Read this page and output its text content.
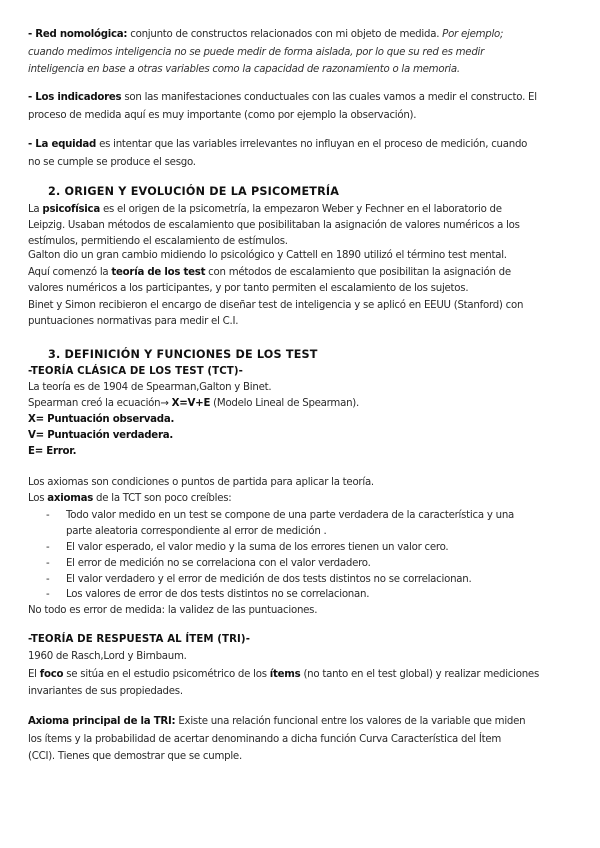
- Red nomológica: conjunto de constructos relacionados con mi objeto de medida. Por ejemplo;
cuando medimos inteligencia no se puede medir de forma aislada, por lo que su red es medir
inteligencia en base a otras variables como la capacidad de razonamiento o la memoria.
- Los indicadores son las manifestaciones conductuales con las cuales vamos a medir el constructo. El
proceso de medida aquí es muy importante (como por ejemplo la observación).
- La equidad es intentar que las variables irrelevantes no influyan en el proceso de medición, cuando
no se cumple se produce el sesgo.
2. ORIGEN Y EVOLUCIÓN DE LA PSICOMETRÍA
La psicofísica es el origen de la psicometría, la empezaron Weber y Fechner en el laboratorio de
Leipzig. Usaban métodos de escalamiento que posibilitaban la asignación de valores numéricos a los
estímulos, permitiendo el escalamiento de estímulos.
Galton dio un gran cambio midiendo lo psicológico y Cattell en 1890 utilizó el término test mental.
Aquí comenzó la teoría de los test con métodos de escalamiento que posibilitan la asignación de
valores numéricos a los participantes, y por tanto permiten el escalamiento de los sujetos.
Binet y Simon recibieron el encargo de diseñar test de inteligencia y se aplicó en EEUU (Stanford) con
puntuaciones normativas para medir el C.I.
3. DEFINICIÓN Y FUNCIONES DE LOS TEST
-TEORÍA CLÁSICA DE LOS TEST (TCT)-
La teoría es de 1904 de Spearman,Galton y Binet.
Spearman creó la ecuación→ X=V+E (Modelo Lineal de Spearman).
X= Puntuación observada.
V= Puntuación verdadera.
E= Error.
Los axiomas son condiciones o puntos de partida para aplicar la teoría.
Los axiomas de la TCT son poco creíbles:
- Todo valor medido en un test se compone de una parte verdadera de la característica y una
parte aleatoria correspondiente al error de medición .
- El valor esperado, el valor medio y la suma de los errores tienen un valor cero.
- El error de medición no se correlaciona con el valor verdadero.
- El valor verdadero y el error de medición de dos tests distintos no se correlacionan.
- Los valores de error de dos tests distintos no se correlacionan.
No todo es error de medida: la validez de las puntuaciones.
-TEORÍA DE RESPUESTA AL ÍTEM (TRI)-
1960 de Rasch,Lord y Birnbaum.
El foco se sitúa en el estudio psicométrico de los ítems (no tanto en el test global) y realizar mediciones
invariantes de sus propiedades.
Axioma principal de la TRI: Existe una relación funcional entre los valores de la variable que miden
los ítems y la probabilidad de acertar denominando a dicha función Curva Característica del Ítem
(CCI). Tienes que demostrar que se cumple.
